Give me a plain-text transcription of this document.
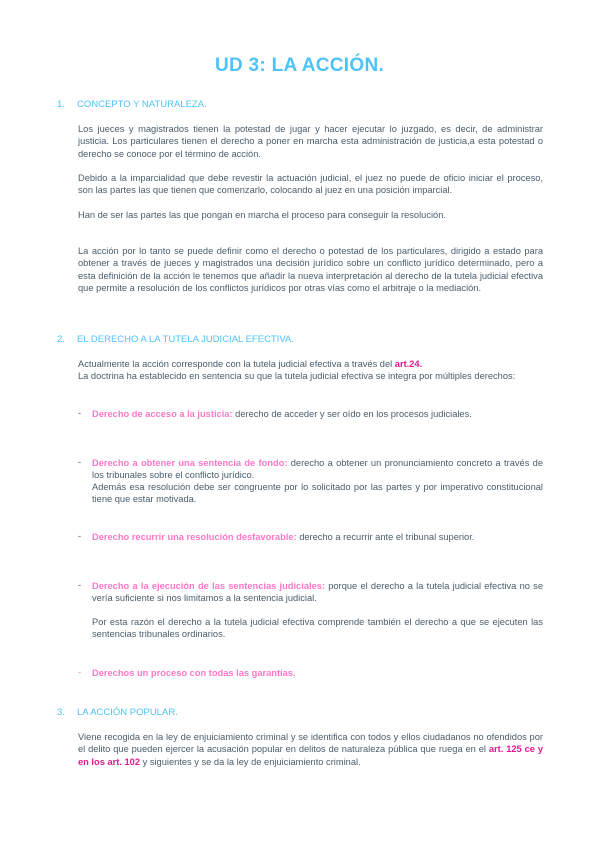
UD 3: LA ACCIÓN.
1. CONCEPTO Y NATURALEZA.
Los jueces y magistrados tienen la potestad de jugar y hacer ejecutar lo juzgado, es decir, de administrar justicia. Los particulares tienen el derecho a poner en marcha esta administración de justicia,a esta potestad o derecho se conoce por el término de acción.
Debido a la imparcialidad que debe revestir la actuación judicial, el juez no puede de oficio iniciar el proceso, son las partes las que tienen que comenzarlo, colocando al juez en una posición imparcial.
Han de ser las partes las que pongan en marcha el proceso para conseguir la resolución.
La acción por lo tanto se puede definir como el derecho o potestad de los particulares, dirigido a estado para obtener a través de jueces y magistrados una decisión jurídico sobre un conflicto jurídico determinado, pero a esta definición de la acción le tenemos que añadir la nueva interpretación al derecho de la tutela judicial efectiva que permite a resolución de los conflictos jurídicos por otras vías como el arbitraje o la mediación.
2. EL DERECHO A LA TUTELA JUDICIAL EFECTIVA.
Actualmente la acción corresponde con la tutela judicial efectiva a través del art.24.
La doctrina ha establecido en sentencia su que la tutela judicial efectiva se integra por múltiples derechos:
- Derecho de acceso a la justicia: derecho de acceder y ser oído en los procesos judiciales.
- Derecho a obtener una sentencia de fondo: derecho a obtener un pronunciamiento concreto a través de los tribunales sobre el conflicto jurídico.
Además esa resolución debe ser congruente por lo solicitado por las partes y por imperativo constitucional tiene que estar motivada.
- Derecho recurrir una resolución desfavorable: derecho a recurrir ante el tribunal superior.
- Derecho a la ejecución de las sentencias judiciales: porque el derecho a la tutela judicial efectiva no se vería suficiente si nos limitamos a la sentencia judicial.
Por esta razón el derecho a la tutela judicial efectiva comprende también el derecho a que se ejecuten las sentencias tribunales ordinarios.
- Derechos un proceso con todas las garantías.
3. LA ACCIÓN POPULAR.
Viene recogida en la ley de enjuiciamiento criminal y se identifica con todos y ellos ciudadanos no ofendidos por el delito que pueden ejercer la acusación popular en delitos de naturaleza pública que ruega en el art. 125 ce y en los art. 102 y siguientes y se da la ley de enjuiciamiento criminal.
